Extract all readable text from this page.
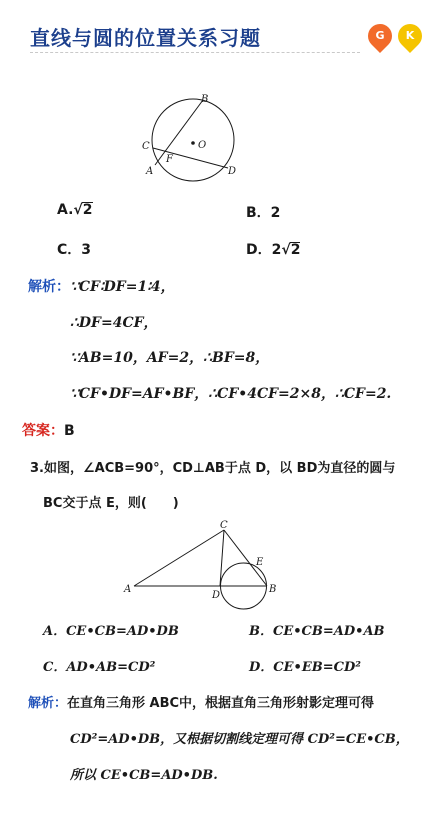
直线与圆的位置关系习题	G	K
B
C
F
O
A	D
A.√2	B．2
C．3	D．2√2
解析：∵CF∶DF=1∶4，
∴DF=4CF，
∵AB=10，AF=2，∴BF=8，
∵CF•DF=AF•BF，∴CF•4CF=2×8，∴CF=2.
答案：B
3.如图，∠ACB=90°，CD⊥AB于点 D，以 BD为直径的圆与
BC交于点 E，则(　　)
C
E
A
D
B
A．CE•CB=AD•DB	B．CE•CB=AD•AB
C．AD•AB=CD²	D．CE•EB=CD²
解析：在直角三角形 ABC中，根据直角三角形射影定理可得
CD²=AD•DB，又根据切割线定理可得 CD²=CE•CB，
所以 CE•CB=AD•DB.
